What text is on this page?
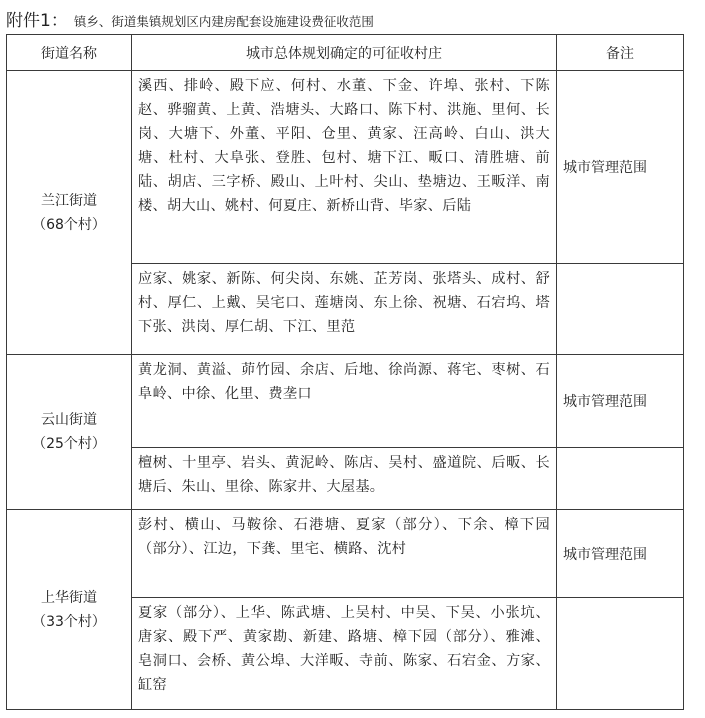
附件1： 镇乡、街道集镇规划区内建房配套设施建设费征收范围
街道名称	城市总体规划确定的可征收村庄	备注

兰江街道
（68个村）	溪西、排岭、殿下应、何村、水董、下金、许埠、张村、下陈赵、骅骝黄、上黄、浩塘头、大路口、陈下村、洪施、里何、长岗、大塘下、外董、平阳、仓里、黄家、汪高岭、白山、洪大塘、杜村、大阜张、登胜、包村、塘下江、畈口、清胜塘、前陆、胡店、三字桥、殿山、上叶村、尖山、垫塘边、王畈洋、南楼、胡大山、姚村、何夏庄、新桥山背、毕家、后陆	城市管理范围
	应家、姚家、新陈、何尖岗、东姚、芷芳岗、张塔头、成村、舒村、厚仁、上戴、吴宅口、莲塘岗、东上徐、祝塘、石宕坞、塔下张、洪岗、厚仁胡、下江、里范	

云山街道
（25个村）	黄龙洞、黄溢、茆竹园、余店、后地、徐尚源、蒋宅、枣树、石阜岭、中徐、化里、费垄口	城市管理范围
	檀树、十里亭、岩头、黄泥岭、陈店、吴村、盛道院、后畈、长塘后、朱山、里徐、陈家井、大屋基。	

上华街道
（33个村）	彭村、横山、马鞍徐、石港塘、夏家（部分）、下余、樟下园（部分）、江边，下龚、里宅、横路、沈村	城市管理范围
	夏家（部分）、上华、陈武塘、上吴村、中吴、下吴、小张坑、唐家、殿下严、黄家勘、新建、路塘、樟下园（部分）、雅滩、皂洞口、会桥、黄公埠、大洋畈、寺前、陈家、石宕金、方家、缸窑	
